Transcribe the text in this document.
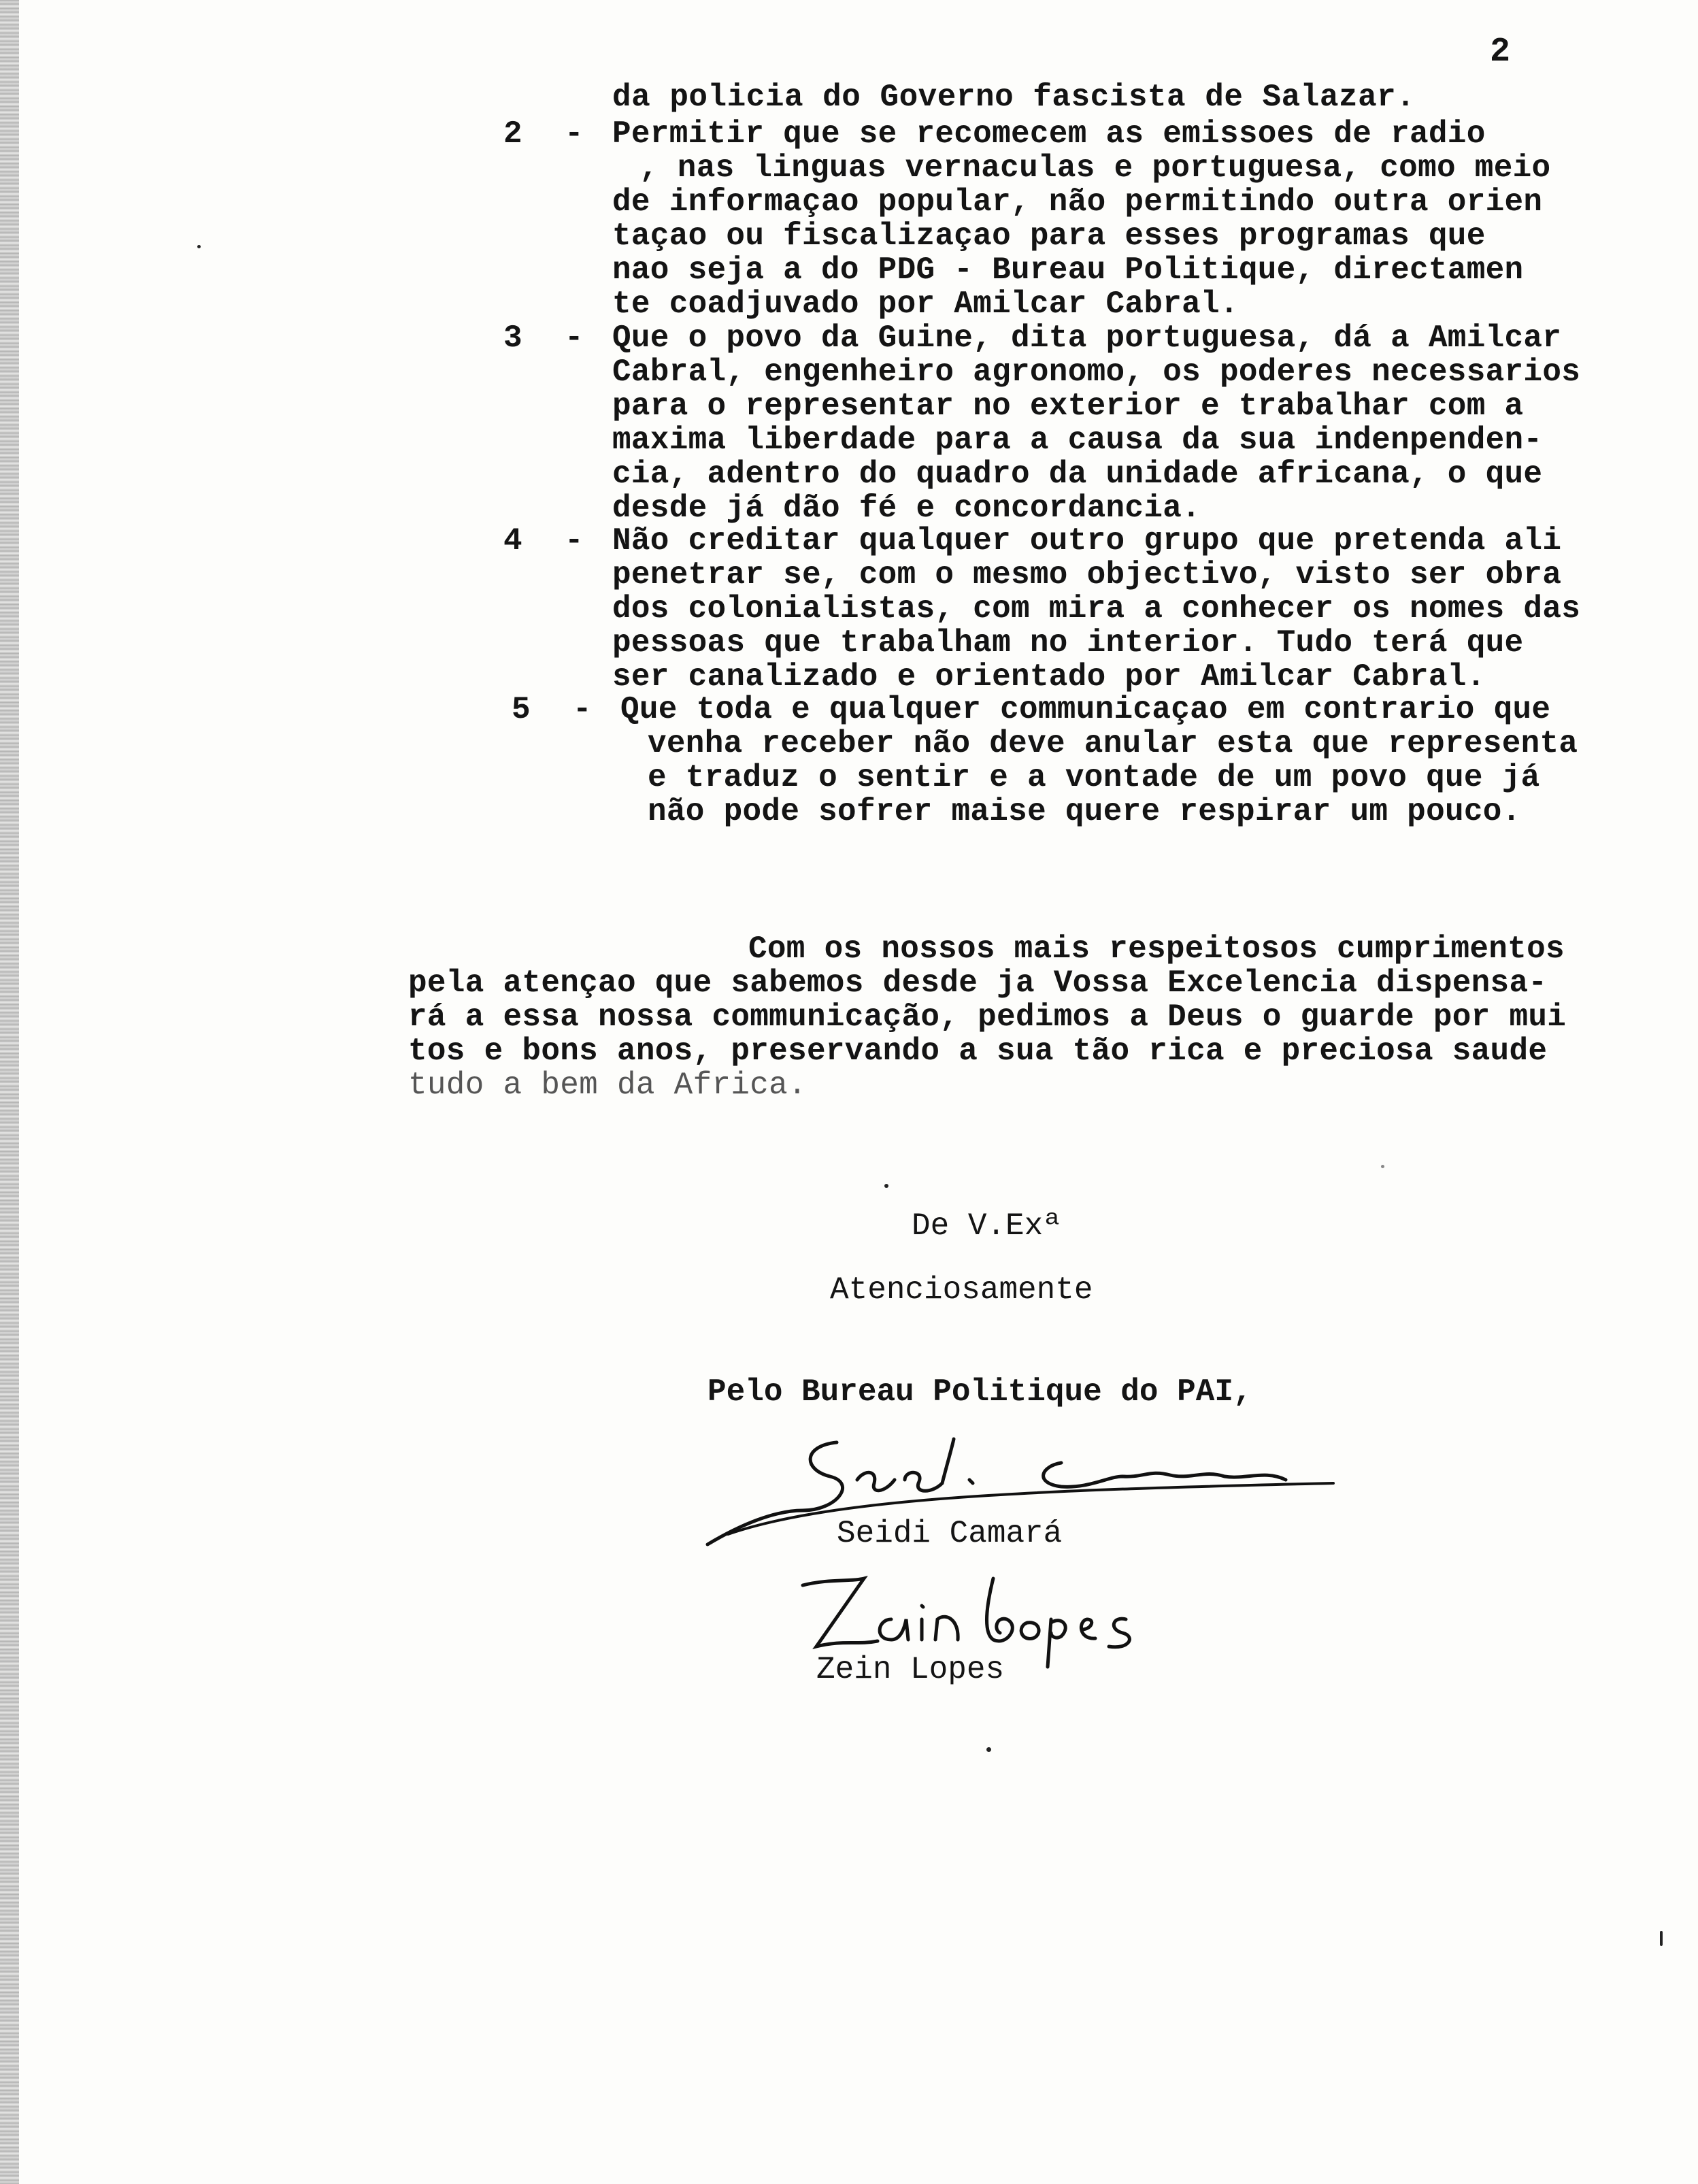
2
da policia do Governo fascista de Salazar.
2 - Permitir que se recomecem as emissoes de radio
, nas linguas vernaculas e portuguesa, como meio
de informaçao popular, não permitindo outra orien
taçao ou fiscalizaçao para esses programas que
nao seja a do PDG - Bureau Politique, directamen
te coadjuvado por Amilcar Cabral.
3 - Que o povo da Guine, dita portuguesa, dá a Amilcar
Cabral, engenheiro agronomo, os poderes necessarios
para o representar no exterior e trabalhar com a
maxima liberdade para a causa da sua indenpenden-
cia, adentro do quadro da unidade africana, o que
desde já dão fé e concordancia.
4 - Não creditar qualquer outro grupo que pretenda ali
penetrar se, com o mesmo objectivo, visto ser obra
dos colonialistas, com mira a conhecer os nomes das
pessoas que trabalham no interior. Tudo terá que
ser canalizado e orientado por Amilcar Cabral.
5 - Que toda e qualquer communicaçao em contrario que
venha receber não deve anular esta que representa
e traduz o sentir e a vontade de um povo que já
não pode sofrer maise quere respirar um pouco.
Com os nossos mais respeitosos cumprimentos
pela atençao que sabemos desde ja Vossa Excelencia dispensa-
rá a essa nossa communicação, pedimos a Deus o guarde por mui
tos e bons anos, preservando a sua tão rica e preciosa saude
tudo a bem da Africa.
De V.Exª
Atenciosamente
Pelo Bureau Politique do PAI,
Seidi Camará
Zein Lopes
